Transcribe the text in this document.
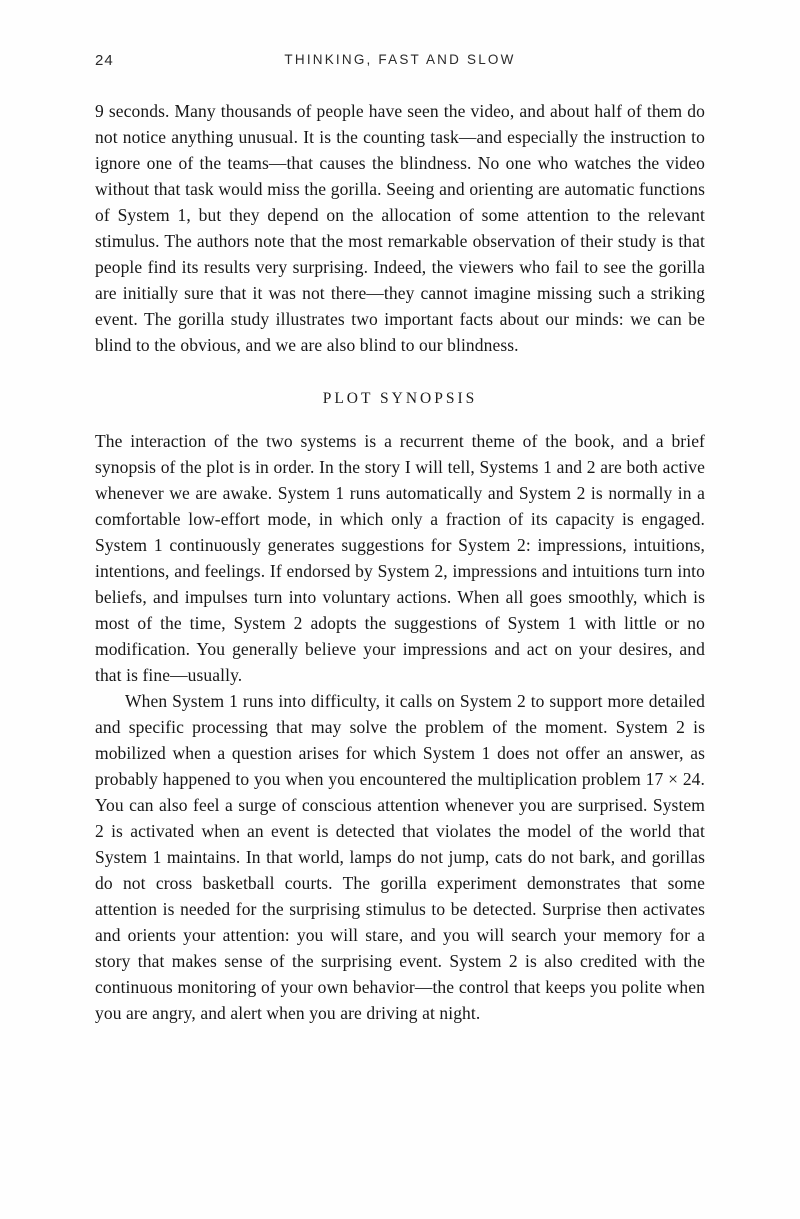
24	THINKING, FAST AND SLOW

9 seconds. Many thousands of people have seen the video, and about half of them do not notice anything unusual. It is the counting task—and especially the instruction to ignore one of the teams—that causes the blindness. No one who watches the video without that task would miss the gorilla. Seeing and orienting are automatic functions of System 1, but they depend on the allocation of some attention to the relevant stimulus. The authors note that the most remarkable observation of their study is that people find its results very surprising. Indeed, the viewers who fail to see the gorilla are initially sure that it was not there—they cannot imagine missing such a striking event. The gorilla study illustrates two important facts about our minds: we can be blind to the obvious, and we are also blind to our blindness.

PLOT SYNOPSIS

The interaction of the two systems is a recurrent theme of the book, and a brief synopsis of the plot is in order. In the story I will tell, Systems 1 and 2 are both active whenever we are awake. System 1 runs automatically and System 2 is normally in a comfortable low-effort mode, in which only a fraction of its capacity is engaged. System 1 continuously generates suggestions for System 2: impressions, intuitions, intentions, and feelings. If endorsed by System 2, impressions and intuitions turn into beliefs, and impulses turn into voluntary actions. When all goes smoothly, which is most of the time, System 2 adopts the suggestions of System 1 with little or no modification. You generally believe your impressions and act on your desires, and that is fine—usually.

When System 1 runs into difficulty, it calls on System 2 to support more detailed and specific processing that may solve the problem of the moment. System 2 is mobilized when a question arises for which System 1 does not offer an answer, as probably happened to you when you encountered the multiplication problem 17 × 24. You can also feel a surge of conscious attention whenever you are surprised. System 2 is activated when an event is detected that violates the model of the world that System 1 maintains. In that world, lamps do not jump, cats do not bark, and gorillas do not cross basketball courts. The gorilla experiment demonstrates that some attention is needed for the surprising stimulus to be detected. Surprise then activates and orients your attention: you will stare, and you will search your memory for a story that makes sense of the surprising event. System 2 is also credited with the continuous monitoring of your own behavior—the control that keeps you polite when you are angry, and alert when you are driving at night.
